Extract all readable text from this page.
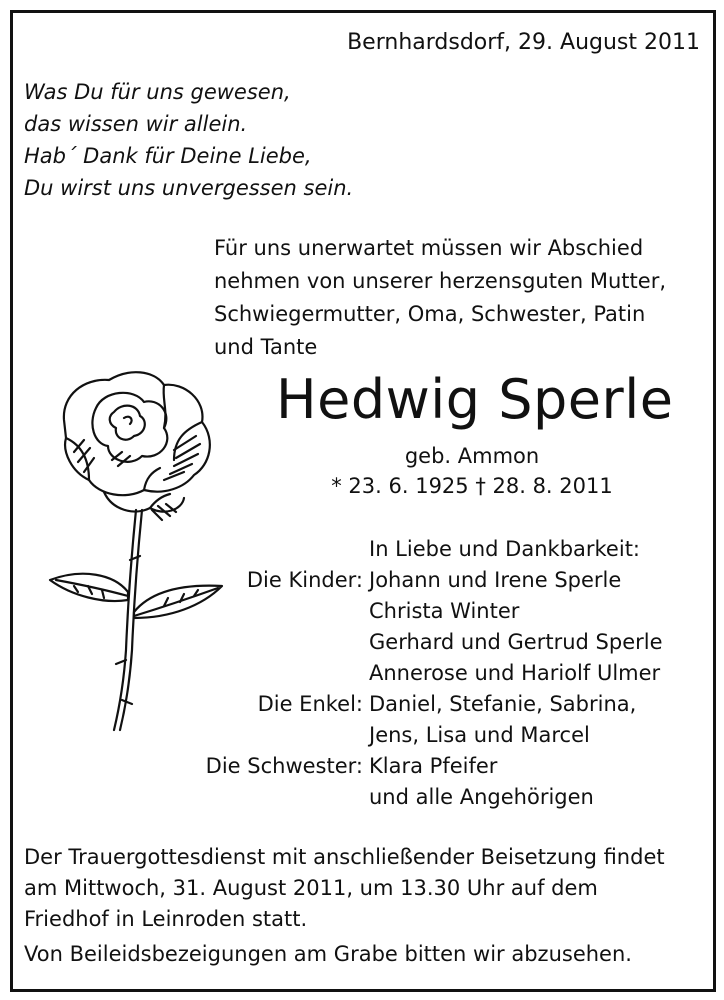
Bernhardsdorf, 29. August 2011
Was Du für uns gewesen,
das wissen wir allein.
Hab´ Dank für Deine Liebe,
Du wirst uns unvergessen sein.
Für uns unerwartet müssen wir Abschied
nehmen von unserer herzensguten Mutter,
Schwiegermutter, Oma, Schwester, Patin
und Tante
Hedwig Sperle
geb. Ammon
* 23. 6. 1925 † 28. 8. 2011
In Liebe und Dankbarkeit:
Die Kinder: Johann und Irene Sperle
Christa Winter
Gerhard und Gertrud Sperle
Annerose und Hariolf Ulmer
Die Enkel: Daniel, Stefanie, Sabrina,
Jens, Lisa und Marcel
Die Schwester: Klara Pfeifer
und alle Angehörigen
Der Trauergottesdienst mit anschließender Beisetzung findet
am Mittwoch, 31. August 2011, um 13.30 Uhr auf dem
Friedhof in Leinroden statt.
Von Beileidsbezeigungen am Grabe bitten wir abzusehen.
